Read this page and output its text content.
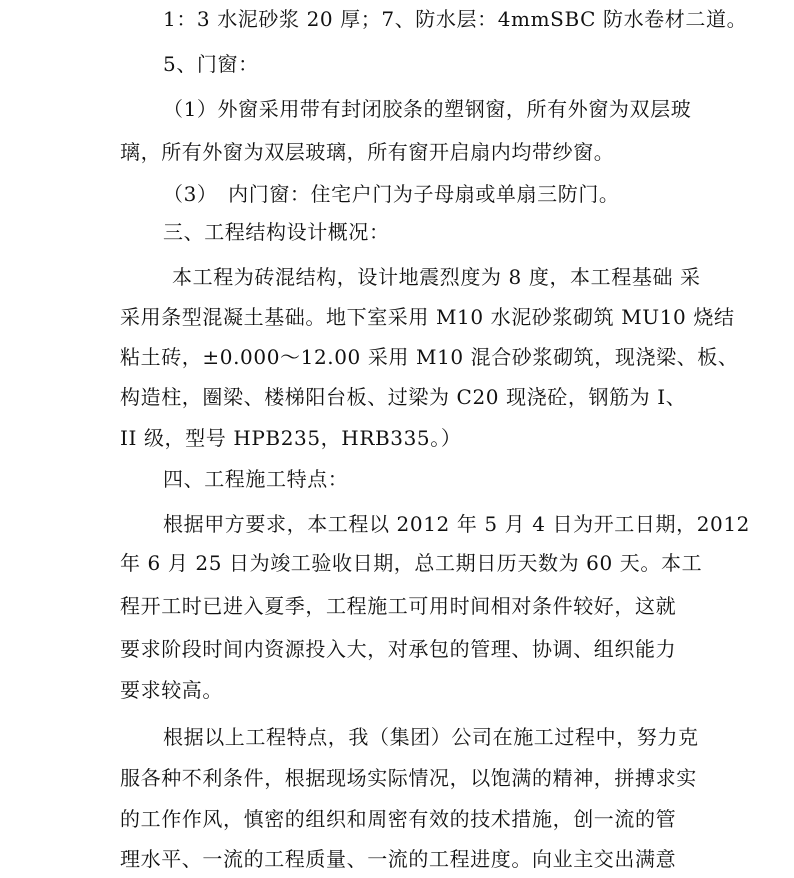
1：3 水泥砂浆 20 厚；7、防水层：4mmSBC 防水卷材二道。
5、门窗：
（1）外窗采用带有封闭胶条的塑钢窗，所有外窗为双层玻
璃，所有外窗为双层玻璃，所有窗开启扇内均带纱窗。
（3）　内门窗：住宅户门为子母扇或单扇三防门。
三、工程结构设计概况：
本工程为砖混结构，设计地震烈度为 8 度，本工程基础 采
采用条型混凝土基础。地下室采用 M10 水泥砂浆砌筑 MU10 烧结
粘土砖，±0.000～12.00 采用 M10 混合砂浆砌筑，现浇梁、板、
构造柱，圈梁、楼梯阳台板、过梁为 C20 现浇砼，钢筋为 I、
II 级，型号 HPB235，HRB335。）
四、工程施工特点：
根据甲方要求，本工程以 2012 年 5 月 4 日为开工日期，2012
年 6 月 25 日为竣工验收日期，总工期日历天数为 60 天。本工
程开工时已进入夏季，工程施工可用时间相对条件较好，这就
要求阶段时间内资源投入大，对承包的管理、协调、组织能力
要求较高。
根据以上工程特点，我（集团）公司在施工过程中，努力克
服各种不利条件，根据现场实际情况，以饱满的精神，拼搏求实
的工作作风，慎密的组织和周密有效的技术措施，创一流的管
理水平、一流的工程质量、一流的工程进度。向业主交出满意
